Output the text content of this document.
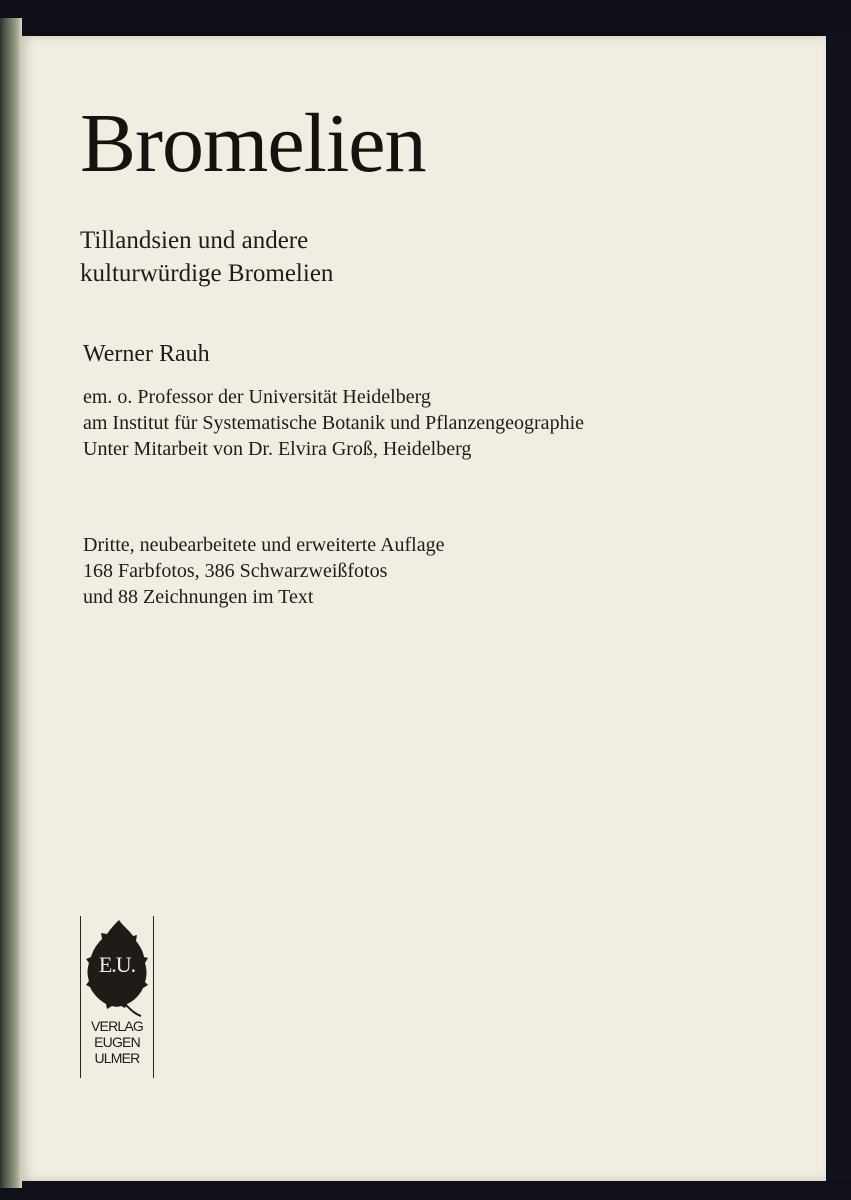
Bromelien
Tillandsien und andere
kulturwürdige Bromelien
Werner Rauh
em. o. Professor der Universität Heidelberg
am Institut für Systematische Botanik und Pflanzengeographie
Unter Mitarbeit von Dr. Elvira Groß, Heidelberg
Dritte, neubearbeitete und erweiterte Auflage
168 Farbfotos, 386 Schwarzweißfotos
und 88 Zeichnungen im Text
E.U.
VERLAG
EUGEN
ULMER
